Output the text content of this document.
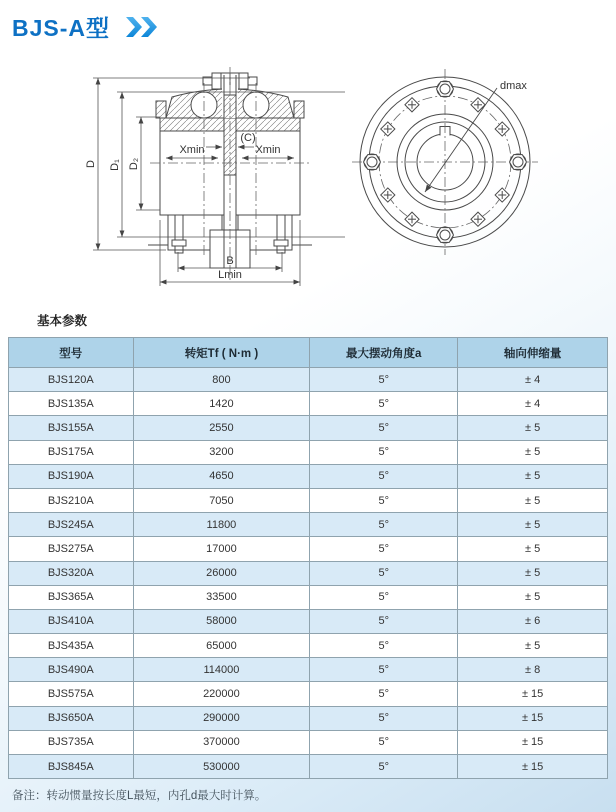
BJS-A型
D D₁ D₂
Xmin
(C)
Xmin
B
Lmin
dmax
基本参数
型号	转矩Tf ( N·m )	最大摆动角度a	轴向伸缩量
BJS120A	800	5°	± 4
BJS135A	1420	5°	± 4
BJS155A	2550	5°	± 5
BJS175A	3200	5°	± 5
BJS190A	4650	5°	± 5
BJS210A	7050	5°	± 5
BJS245A	11800	5°	± 5
BJS275A	17000	5°	± 5
BJS320A	26000	5°	± 5
BJS365A	33500	5°	± 5
BJS410A	58000	5°	± 6
BJS435A	65000	5°	± 5
BJS490A	114000	5°	± 8
BJS575A	220000	5°	± 15
BJS650A	290000	5°	± 15
BJS735A	370000	5°	± 15
BJS845A	530000	5°	± 15
备注：转动惯量按长度L最短，内孔d最大时计算。
